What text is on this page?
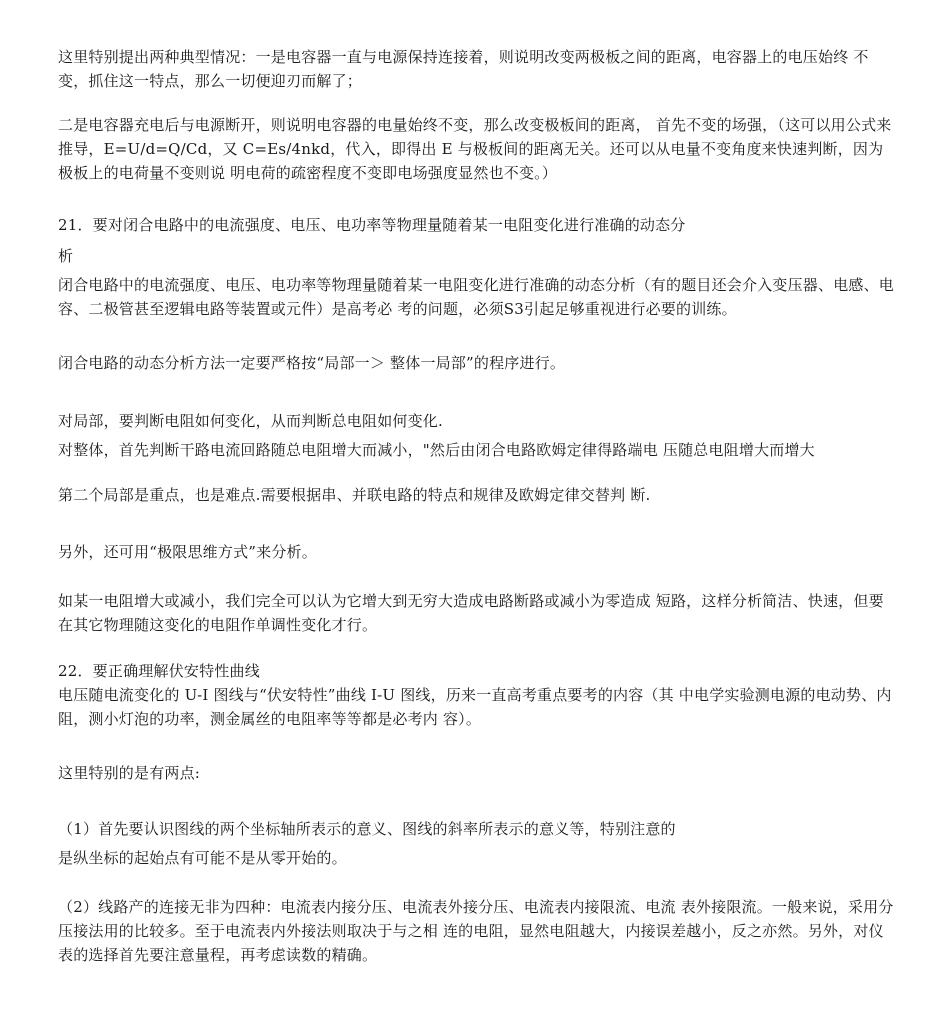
这里特别提出两种典型情况：一是电容器一直与电源保持连接着，则说明改变两极板之间的距离，电容器上的电压始终 不变，抓住这一特点，那么一切便迎刃而解了；

二是电容器充电后与电源断开，则说明电容器的电量始终不变，那么改变极板间的距离， 首先不变的场强，（这可以用公式来推导，E=U/d=Q/Cd，又 C=Es/4nkd，代入，即得出 E 与极板间的距离无关。还可以从电量不变角度来快速判断，因为极板上的电荷量不变则说 明电荷的疏密程度不变即电场强度显然也不变。）

21．要对闭合电路中的电流强度、电压、电功率等物理量随着某一电阻变化进行准确的动态分

析

闭合电路中的电流强度、电压、电功率等物理量随着某一电阻变化进行准确的动态分析（有的题目还会介入变压器、电感、电容、二极管甚至逻辑电路等装置或元件）是高考必 考的问题，必须S3引起足够重视进行必要的训练。

闭合电路的动态分析方法一定要严格按“局部一＞ 整体一局部”的程序进行。

对局部，要判断电阻如何变化，从而判断总电阻如何变化.

对整体，首先判断干路电流回路随总电阻增大而减小，"然后由闭合电路欧姆定律得路端电 压随总电阻增大而增大

第二个局部是重点，也是难点.需要根据串、并联电路的特点和规律及欧姆定律交替判 断.

另外，还可用“极限思维方式”来分析。

如某一电阻增大或减小，我们完全可以认为它增大到无穷大造成电路断路或减小为零造成 短路，这样分析简洁、快速，但要在其它物理随这变化的电阻作单调性变化才行。

22．要正确理解伏安特性曲线

电压随电流变化的 U-I 图线与“伏安特性”曲线 I-U 图线，历来一直高考重点要考的内容（其 中电学实验测电源的电动势、内阻，测小灯泡的功率，测金属丝的电阻率等等都是必考内 容）。

这里特别的是有两点:

（1）首先要认识图线的两个坐标轴所表示的意义、图线的斜率所表示的意义等，特别注意的

是纵坐标的起始点有可能不是从零开始的。

（2）线路产的连接无非为四种：电流表内接分压、电流表外接分压、电流表内接限流、电流 表外接限流。一般来说，采用分压接法用的比较多。至于电流表内外接法则取决于与之相 连的电阻，显然电阻越大，内接误差越小，反之亦然。另外，对仪表的选择首先要注意量程，再考虑读数的精确。
